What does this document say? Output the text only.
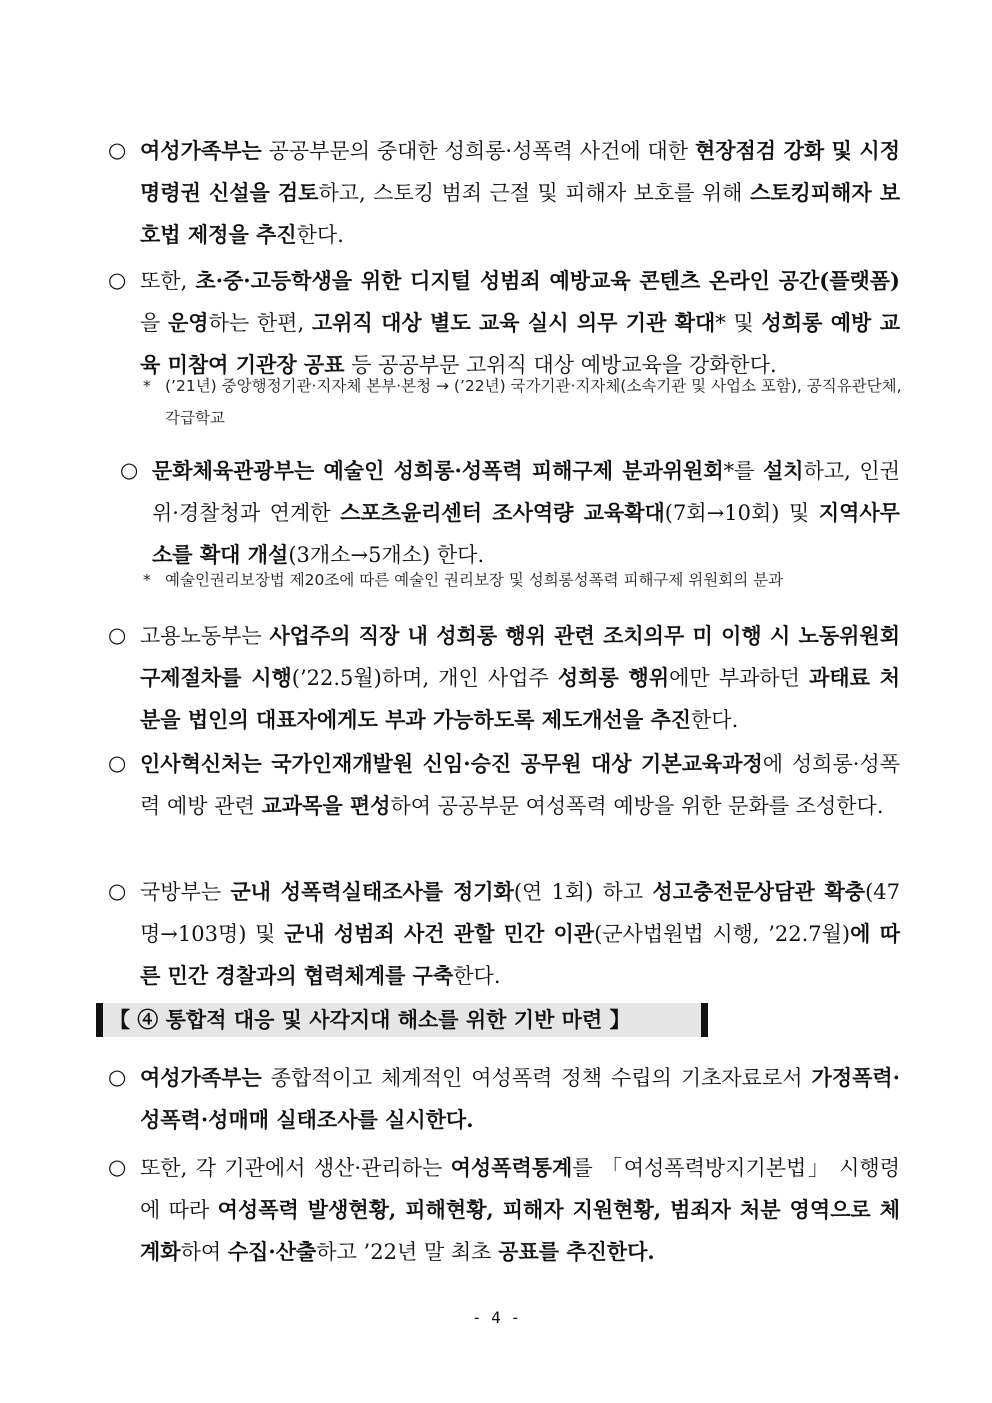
○ 여성가족부는 공공부문의 중대한 성희롱·성폭력 사건에 대한 현장점검 강화 및 시정명령권 신설을 검토하고, 스토킹 범죄 근절 및 피해자 보호를 위해 스토킹피해자 보호법 제정을 추진한다.
○ 또한, 초·중·고등학생을 위한 디지털 성범죄 예방교육 콘텐츠 온라인 공간(플랫폼)을 운영하는 한편, 고위직 대상 별도 교육 실시 의무 기관 확대* 및 성희롱 예방 교육 미참여 기관장 공표 등 공공부문 고위직 대상 예방교육을 강화한다.
* (’21년) 중앙행정기관·지자체 본부·본청 → (’22년) 국가기관·지자체(소속기관 및 사업소 포함), 공직유관단체, 각급학교
○ 문화체육관광부는 예술인 성희롱·성폭력 피해구제 분과위원회*를 설치하고, 인권위·경찰청과 연계한 스포츠윤리센터 조사역량 교육확대(7회→10회) 및 지역사무소를 확대 개설(3개소→5개소) 한다.
* 예술인권리보장법 제20조에 따른 예술인 권리보장 및 성희롱성폭력 피해구제 위원회의 분과
○ 고용노동부는 사업주의 직장 내 성희롱 행위 관련 조치의무 미 이행 시 노동위원회 구제절차를 시행(’22.5월)하며, 개인 사업주 성희롱 행위에만 부과하던 과태료 처분을 법인의 대표자에게도 부과 가능하도록 제도개선을 추진한다.
○ 인사혁신처는 국가인재개발원 신임·승진 공무원 대상 기본교육과정에 성희롱·성폭력 예방 관련 교과목을 편성하여 공공부문 여성폭력 예방을 위한 문화를 조성한다.
○ 국방부는 군내 성폭력실태조사를 정기화(연 1회) 하고 성고충전문상담관 확충(47명→103명) 및 군내 성범죄 사건 관할 민간 이관(군사법원법 시행, ’22.7월)에 따른 민간 경찰과의 협력체계를 구축한다.
【 ④ 통합적 대응 및 사각지대 해소를 위한 기반 마련 】
○ 여성가족부는 종합적이고 체계적인 여성폭력 정책 수립의 기초자료로서 가정폭력·성폭력·성매매 실태조사를 실시한다.
○ 또한, 각 기관에서 생산·관리하는 여성폭력통계를 「여성폭력방지기본법」 시행령에 따라 여성폭력 발생현황, 피해현황, 피해자 지원현황, 범죄자 처분 영역으로 체계화하여 수집·산출하고 ’22년 말 최초 공표를 추진한다.
- 4 -
